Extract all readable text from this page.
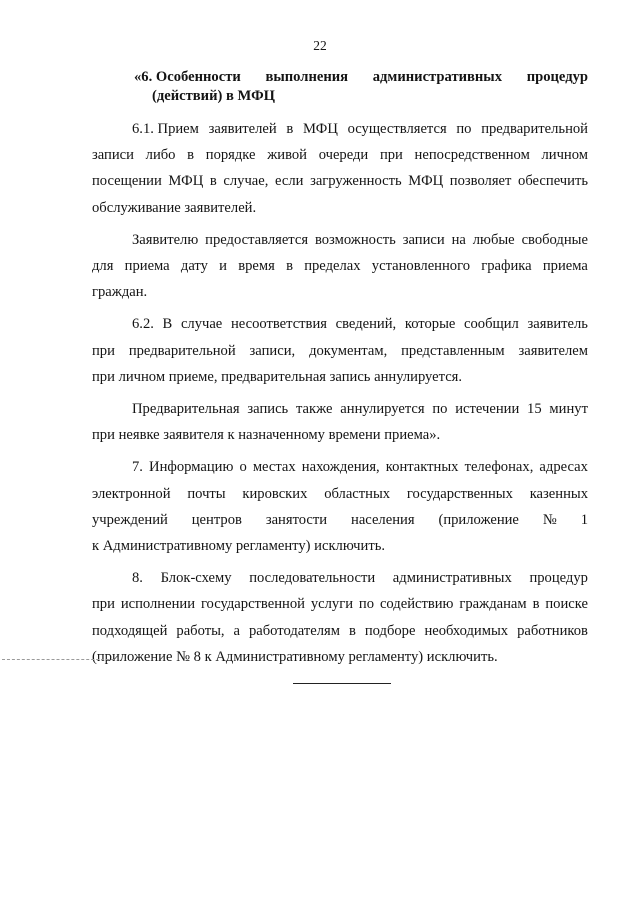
22
«6. Особенности выполнения административных процедур
(действий) в МФЦ
6.1. Прием заявителей в МФЦ осуществляется по предварительной
записи либо в порядке живой очереди при непосредственном личном
посещении МФЦ в случае, если загруженность МФЦ позволяет обеспечить
обслуживание заявителей.
Заявителю предоставляется возможность записи на любые свободные
для приема дату и время в пределах установленного графика приема
граждан.
6.2. В случае несоответствия сведений, которые сообщил заявитель
при предварительной записи, документам, представленным заявителем
при личном приеме, предварительная запись аннулируется.
Предварительная запись также аннулируется по истечении 15 минут
при неявке заявителя к назначенному времени приема».
7. Информацию о местах нахождения, контактных телефонах, адресах
электронной почты кировских областных государственных казенных
учреждений центров занятости населения (приложение № 1
к Административному регламенту) исключить.
8. Блок-схему последовательности административных процедур
при исполнении государственной услуги по содействию гражданам в поиске
подходящей работы, а работодателям в подборе необходимых работников
(приложение № 8 к Административному регламенту) исключить.
